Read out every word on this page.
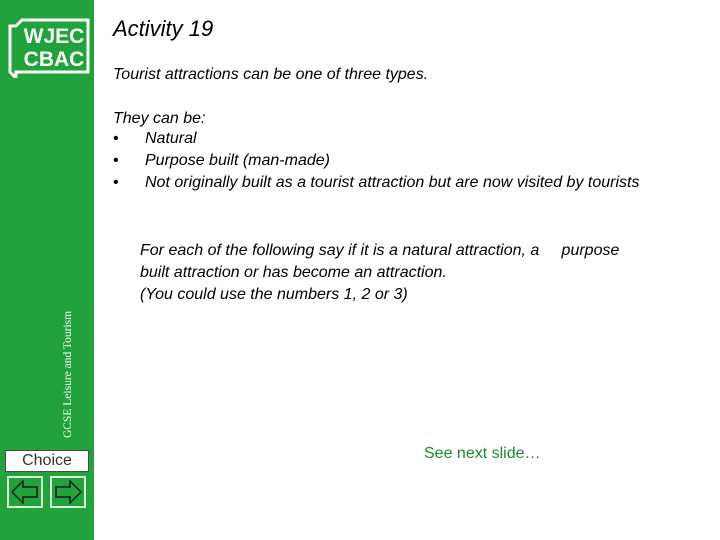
WJEC
CBAC
GCSE Leisure and Tourism
Choice
Activity 19
Tourist attractions can be one of three types.
They can be:
• Natural
• Purpose built (man-made)
• Not originally built as a tourist attraction but are now visited by tourists
For each of the following say if it is a natural attraction, a     purpose
built attraction or has become an attraction.
(You could use the numbers 1, 2 or 3)
See next slide…
